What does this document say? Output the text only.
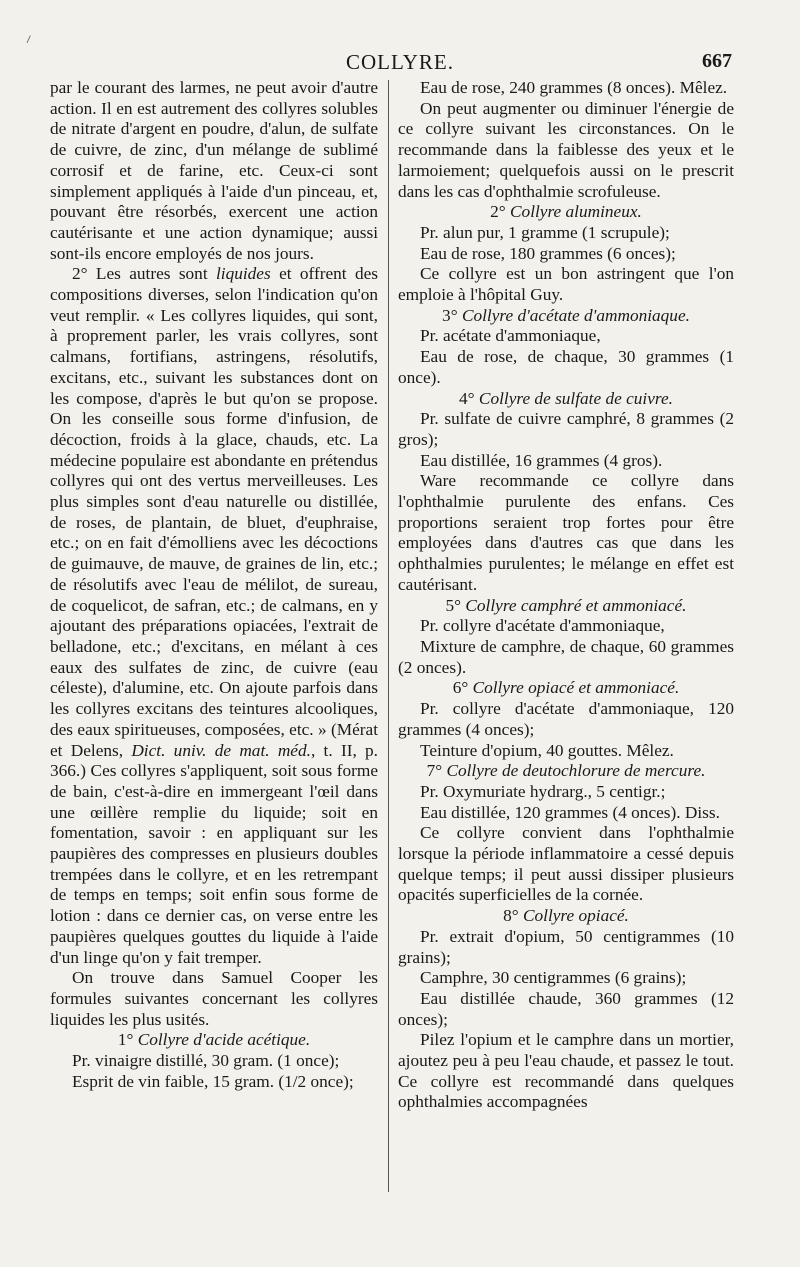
COLLYRE.	667

par le courant des larmes, ne peut avoir d'autre action. Il en est autrement des collyres solubles de nitrate d'argent en poudre, d'alun, de sulfate de cuivre, de zinc, d'un mélange de sublimé corrosif et de farine, etc. Ceux-ci sont simplement appliqués à l'aide d'un pinceau, et, pouvant être résorbés, exercent une action cautérisante et une action dynamique; aussi sont-ils encore employés de nos jours.

2° Les autres sont liquides et offrent des compositions diverses, selon l'indication qu'on veut remplir. « Les collyres liquides, qui sont, à proprement parler, les vrais collyres, sont calmans, fortifians, astringens, résolutifs, excitans, etc., suivant les substances dont on les compose, d'après le but qu'on se propose. On les conseille sous forme d'infusion, de décoction, froids à la glace, chauds, etc. La médecine populaire est abondante en prétendus collyres qui ont des vertus merveilleuses. Les plus simples sont d'eau naturelle ou distillée, de roses, de plantain, de bluet, d'euphraise, etc.; on en fait d'émolliens avec les décoctions de guimauve, de mauve, de graines de lin, etc.; de résolutifs avec l'eau de mélilot, de sureau, de coquelicot, de safran, etc.; de calmans, en y ajoutant des préparations opiacées, l'extrait de belladone, etc.; d'excitans, en mélant à ces eaux des sulfates de zinc, de cuivre (eau céleste), d'alumine, etc. On ajoute parfois dans les collyres excitans des teintures alcooliques, des eaux spiritueuses, composées, etc. » (Mérat et Delens, Dict. univ. de mat. méd., t. II, p. 366.) Ces collyres s'appliquent, soit sous forme de bain, c'est-à-dire en immergeant l'œil dans une œillère remplie du liquide; soit en fomentation, savoir : en appliquant sur les paupières des compresses en plusieurs doubles trempées dans le collyre, et en les retrempant de temps en temps; soit enfin sous forme de lotion : dans ce dernier cas, on verse entre les paupières quelques gouttes du liquide à l'aide d'un linge qu'on y fait tremper.

On trouve dans Samuel Cooper les formules suivantes concernant les collyres liquides les plus usités.

1° Collyre d'acide acétique.

Pr. vinaigre distillé, 30 gram. (1 once);

Esprit de vin faible, 15 gram. (1/2 once);

Eau de rose, 240 grammes (8 onces). Mêlez.

On peut augmenter ou diminuer l'énergie de ce collyre suivant les circonstances. On le recommande dans la faiblesse des yeux et le larmoiement; quelquefois aussi on le prescrit dans les cas d'ophthalmie scrofuleuse.

2° Collyre alumineux.

Pr. alun pur, 1 gramme (1 scrupule);

Eau de rose, 180 grammes (6 onces);

Ce collyre est un bon astringent que l'on emploie à l'hôpital Guy.

3° Collyre d'acétate d'ammoniaque.

Pr. acétate d'ammoniaque,

Eau de rose, de chaque, 30 grammes (1 once).

4° Collyre de sulfate de cuivre.

Pr. sulfate de cuivre camphré, 8 grammes (2 gros);

Eau distillée, 16 grammes (4 gros).

Ware recommande ce collyre dans l'ophthalmie purulente des enfans. Ces proportions seraient trop fortes pour être employées dans d'autres cas que dans les ophthalmies purulentes; le mélange en effet est cautérisant.

5° Collyre camphré et ammoniacé.

Pr. collyre d'acétate d'ammoniaque,

Mixture de camphre, de chaque, 60 grammes (2 onces).

6° Collyre opiacé et ammoniacé.

Pr. collyre d'acétate d'ammoniaque, 120 grammes (4 onces);

Teinture d'opium, 40 gouttes. Mêlez.

7° Collyre de deutochlorure de mercure.

Pr. Oxymuriate hydrarg., 5 centigr.;

Eau distillée, 120 grammes (4 onces). Diss.

Ce collyre convient dans l'ophthalmie lorsque la période inflammatoire a cessé depuis quelque temps; il peut aussi dissiper plusieurs opacités superficielles de la cornée.

8° Collyre opiacé.

Pr. extrait d'opium, 50 centigrammes (10 grains);

Camphre, 30 centigrammes (6 grains);

Eau distillée chaude, 360 grammes (12 onces);

Pilez l'opium et le camphre dans un mortier, ajoutez peu à peu l'eau chaude, et passez le tout. Ce collyre est recommandé dans quelques ophthalmies accompagnées
